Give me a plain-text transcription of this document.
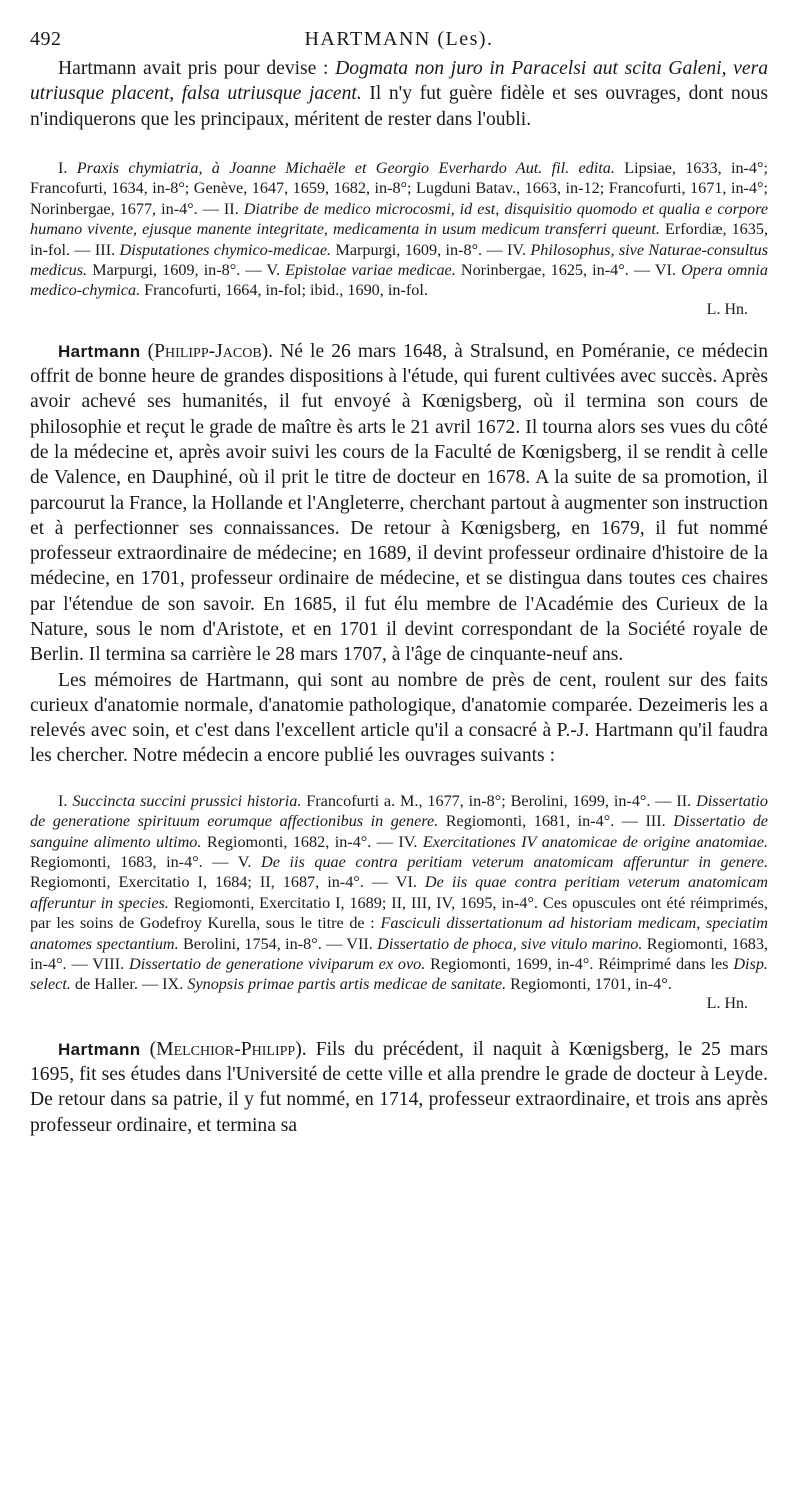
492	HARTMANN (Les).

Hartmann avait pris pour devise : Dogmata non juro in Paracelsi aut scita Galeni, vera utriusque placent, falsa utriusque jacent. Il n'y fut guère fidèle et ses ouvrages, dont nous n'indiquerons que les principaux, méritent de rester dans l'oubli.

I. Praxis chymiatria, à Joanne Michaële et Georgio Everhardo Aut. fil. edita. Lipsiae, 1633, in-4°; Francofurti, 1634, in-8°; Genève, 1647, 1659, 1682, in-8°; Lugduni Batav., 1663, in-12; Francofurti, 1671, in-4°; Norinbergae, 1677, in-4°. — II. Diatribe de medico microcosmi, id est, disquisitio quomodo et qualia e corpore humano vivente, ejusque manente integritate, medicamenta in usum medicum transferri queunt. Erfordiæ, 1635, in-fol. — III. Disputationes chymico-medicae. Marpurgi, 1609, in-8°. — IV. Philosophus, sive Naturae-consultus medicus. Marpurgi, 1609, in-8°. — V. Epistolae variae medicae. Norinbergae, 1625, in-4°. — VI. Opera omnia medico-chymica. Francofurti, 1664, in-fol; ibid., 1690, in-fol.

L. Hn.

Hartmann (Philipp-Jacob). Né le 26 mars 1648, à Stralsund, en Poméranie, ce médecin offrit de bonne heure de grandes dispositions à l'étude, qui furent cultivées avec succès. Après avoir achevé ses humanités, il fut envoyé à Kœnigsberg, où il termina son cours de philosophie et reçut le grade de maître ès arts le 21 avril 1672. Il tourna alors ses vues du côté de la médecine et, après avoir suivi les cours de la Faculté de Kœnigsberg, il se rendit à celle de Valence, en Dauphiné, où il prit le titre de docteur en 1678. A la suite de sa promotion, il parcourut la France, la Hollande et l'Angleterre, cherchant partout à augmenter son instruction et à perfectionner ses connaissances. De retour à Kœnigsberg, en 1679, il fut nommé professeur extraordinaire de médecine; en 1689, il devint professeur ordinaire d'histoire de la médecine, en 1701, professeur ordinaire de médecine, et se distingua dans toutes ces chaires par l'étendue de son savoir. En 1685, il fut élu membre de l'Académie des Curieux de la Nature, sous le nom d'Aristote, et en 1701 il devint correspondant de la Société royale de Berlin. Il termina sa carrière le 28 mars 1707, à l'âge de cinquante-neuf ans.

Les mémoires de Hartmann, qui sont au nombre de près de cent, roulent sur des faits curieux d'anatomie normale, d'anatomie pathologique, d'anatomie comparée. Dezeimeris les a relevés avec soin, et c'est dans l'excellent article qu'il a consacré à P.-J. Hartmann qu'il faudra les chercher. Notre médecin a encore publié les ouvrages suivants :

I. Succincta succini prussici historia. Francofurti a. M., 1677, in-8°; Berolini, 1699, in-4°. — II. Dissertatio de generatione spirituum eorumque affectionibus in genere. Regiomonti, 1681, in-4°. — III. Dissertatio de sanguine alimento ultimo. Regiomonti, 1682, in-4°. — IV. Exercitationes IV anatomicae de origine anatomiae. Regiomonti, 1683, in-4°. — V. De iis quae contra peritiam veterum anatomicam afferuntur in genere. Regiomonti, Exercitatio I, 1684; II, 1687, in-4°. — VI. De iis quae contra peritiam veterum anatomicam afferuntur in species. Regiomonti, Exercitatio I, 1689; II, III, IV, 1695, in-4°. Ces opuscules ont été réimprimés, par les soins de Godefroy Kurella, sous le titre de : Fasciculi dissertationum ad historiam medicam, speciatim anatomes spectantium. Berolini, 1754, in-8°. — VII. Dissertatio de phoca, sive vitulo marino. Regiomonti, 1683, in-4°. — VIII. Dissertatio de generatione viviparum ex ovo. Regiomonti, 1699, in-4°. Réimprimé dans les Disp. select. de Haller. — IX. Synopsis primae partis artis medicae de sanitate. Regiomonti, 1701, in-4°.

L. Hn.

Hartmann (Melchior-Philipp). Fils du précédent, il naquit à Kœnigsberg, le 25 mars 1695, fit ses études dans l'Université de cette ville et alla prendre le grade de docteur à Leyde. De retour dans sa patrie, il y fut nommé, en 1714, professeur extraordinaire, et trois ans après professeur ordinaire, et termina sa
